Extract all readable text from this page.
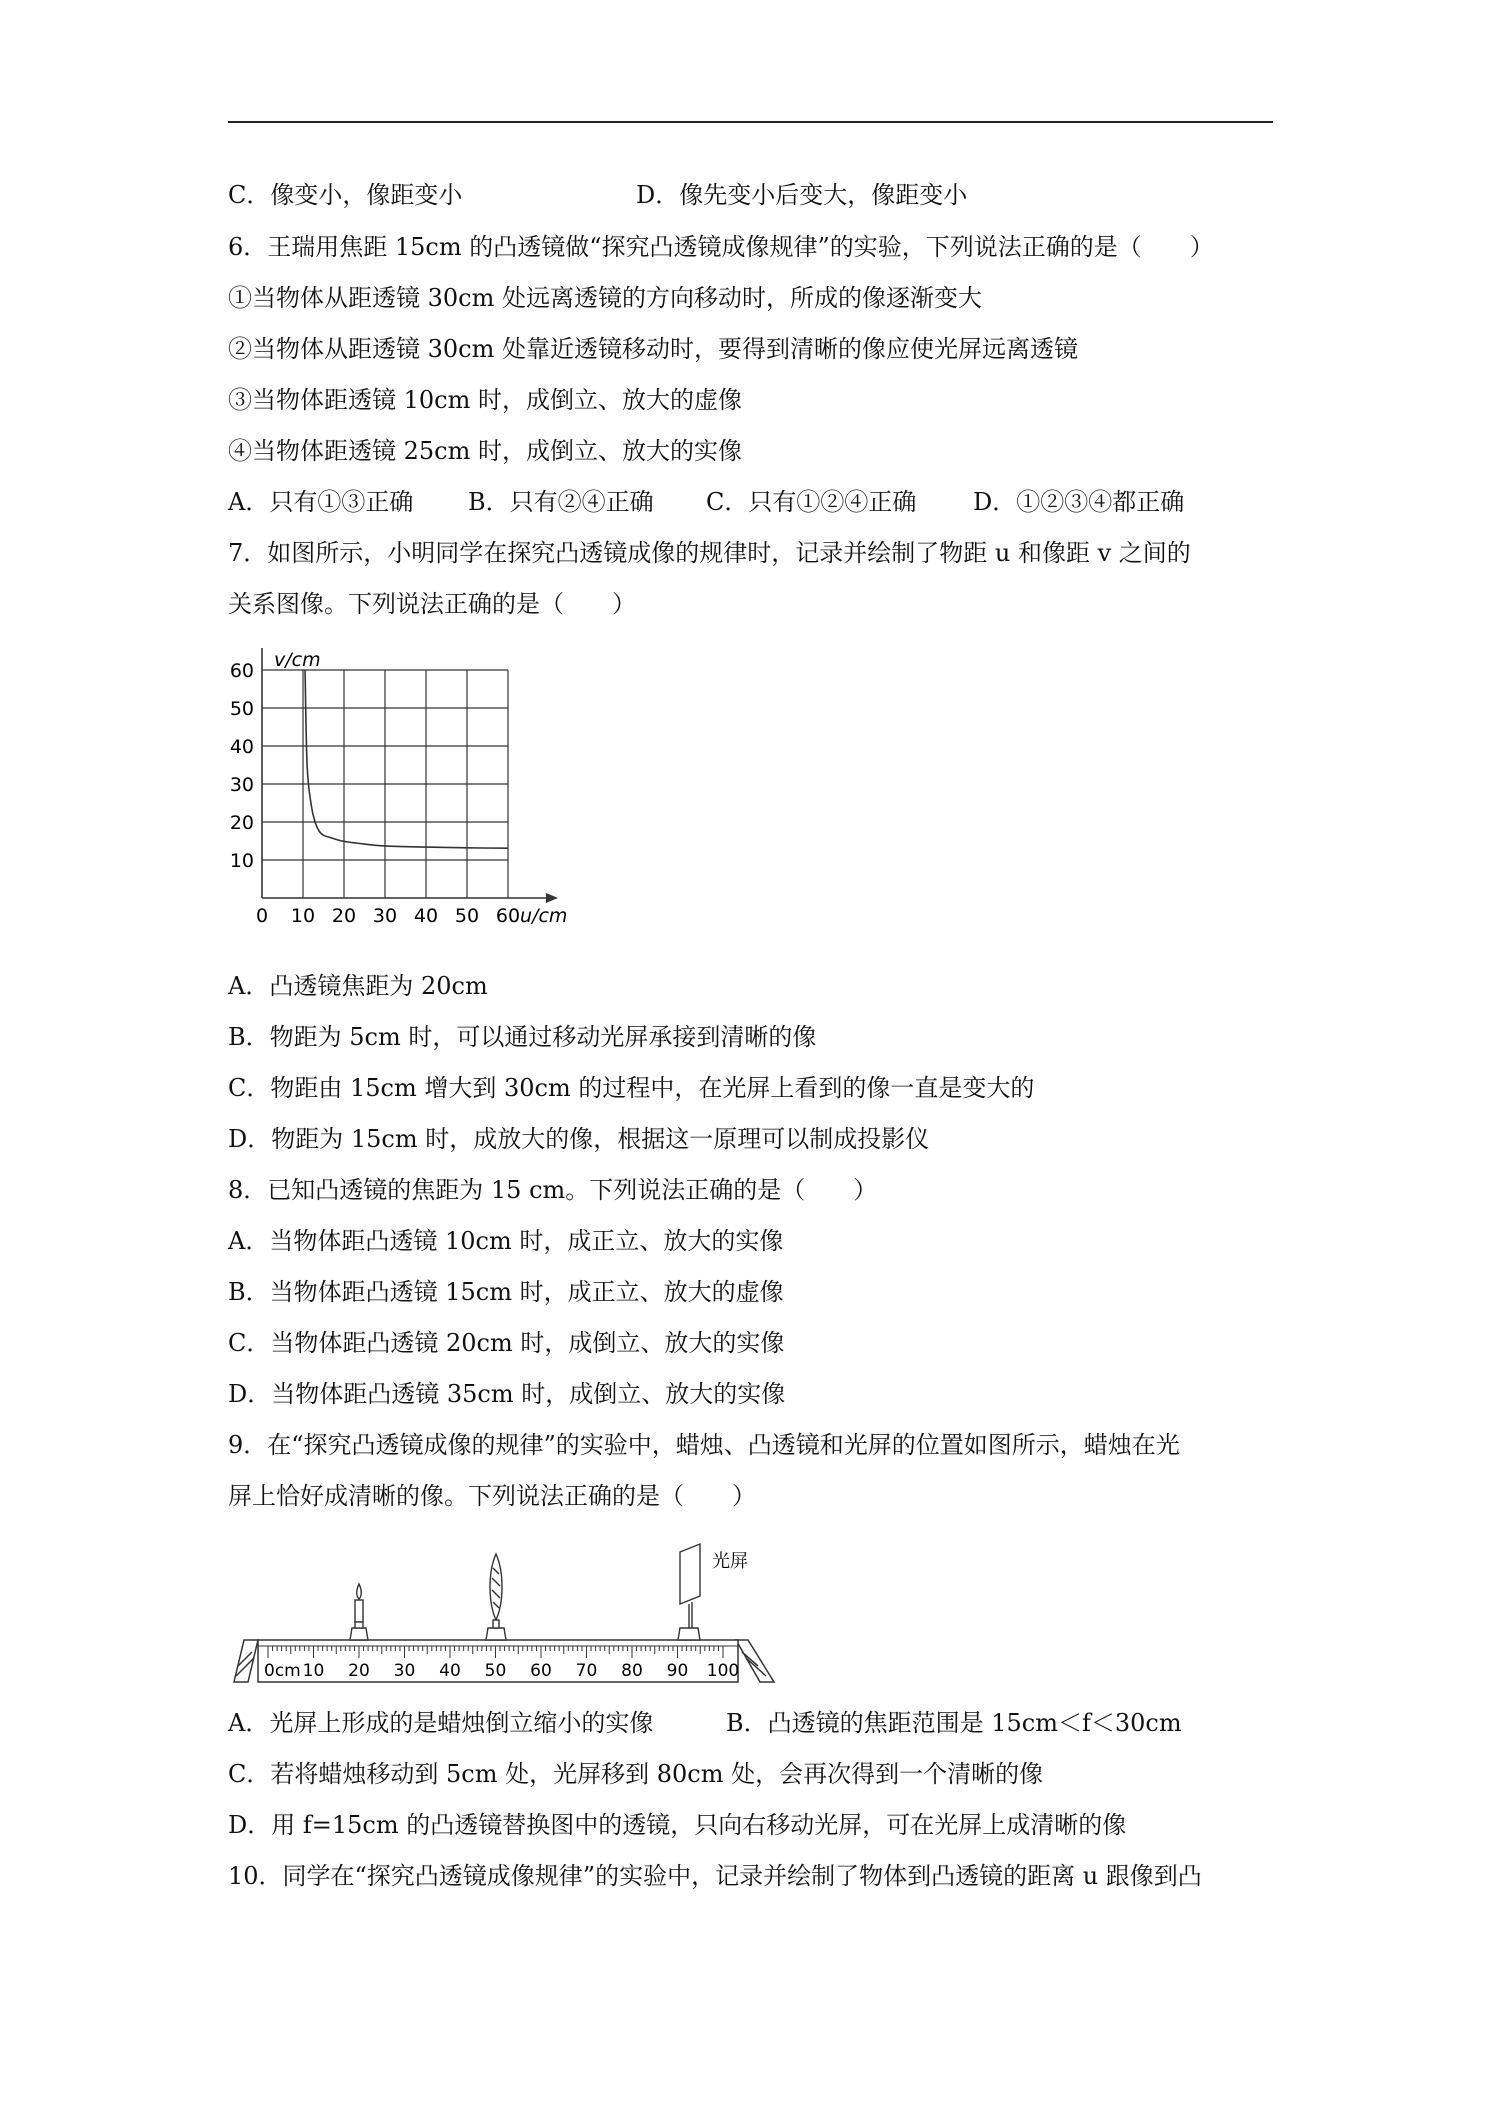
C．像变小，像距变小

	D．像先变小后变大，像距变小

6．王瑞用焦距 15cm 的凸透镜做“探究凸透镜成像规律”的实验，下列说法正确的是（　　）
①当物体从距透镜 30cm 处远离透镜的方向移动时，所成的像逐渐变大
②当物体从距透镜 30cm 处靠近透镜移动时，要得到清晰的像应使光屏远离透镜
③当物体距透镜 10cm 时，成倒立、放大的虚像
④当物体距透镜 25cm 时，成倒立、放大的实像

A．只有①③正确

B．只有②④正确

C．只有①②④正确

D．①②③④都正确

7．如图所示，小明同学在探究凸透镜成像的规律时，记录并绘制了物距 u 和像距 v 之间的
关系图像。下列说法正确的是（　　）
0 10 20 30 40 50 60
10
20
30
40
50
60 v/cm
u/cm
A．凸透镜焦距为 20cm
B．物距为 5cm 时，可以通过移动光屏承接到清晰的像
C．物距由 15cm 增大到 30cm 的过程中，在光屏上看到的像一直是变大的
D．物距为 15cm 时，成放大的像，根据这一原理可以制成投影仪
8．已知凸透镜的焦距为 15 cm。下列说法正确的是（　　）
A．当物体距凸透镜 10cm 时，成正立、放大的实像
B．当物体距凸透镜 15cm 时，成正立、放大的虚像
C．当物体距凸透镜 20cm 时，成倒立、放大的实像
D．当物体距凸透镜 35cm 时，成倒立、放大的实像
9．在“探究凸透镜成像的规律”的实验中，蜡烛、凸透镜和光屏的位置如图所示，蜡烛在光
屏上恰好成清晰的像。下列说法正确的是（　　）
0cm 10 20 30 40 50 60 70 80 90 100
光屏

A．光屏上形成的是蜡烛倒立缩小的实像

	B．凸透镜的焦距范围是 15cm＜f＜30cm

C．若将蜡烛移动到 5cm 处，光屏移到 80cm 处，会再次得到一个清晰的像
D．用 f=15cm 的凸透镜替换图中的透镜，只向右移动光屏，可在光屏上成清晰的像
10．同学在“探究凸透镜成像规律”的实验中，记录并绘制了物体到凸透镜的距离 u 跟像到凸
